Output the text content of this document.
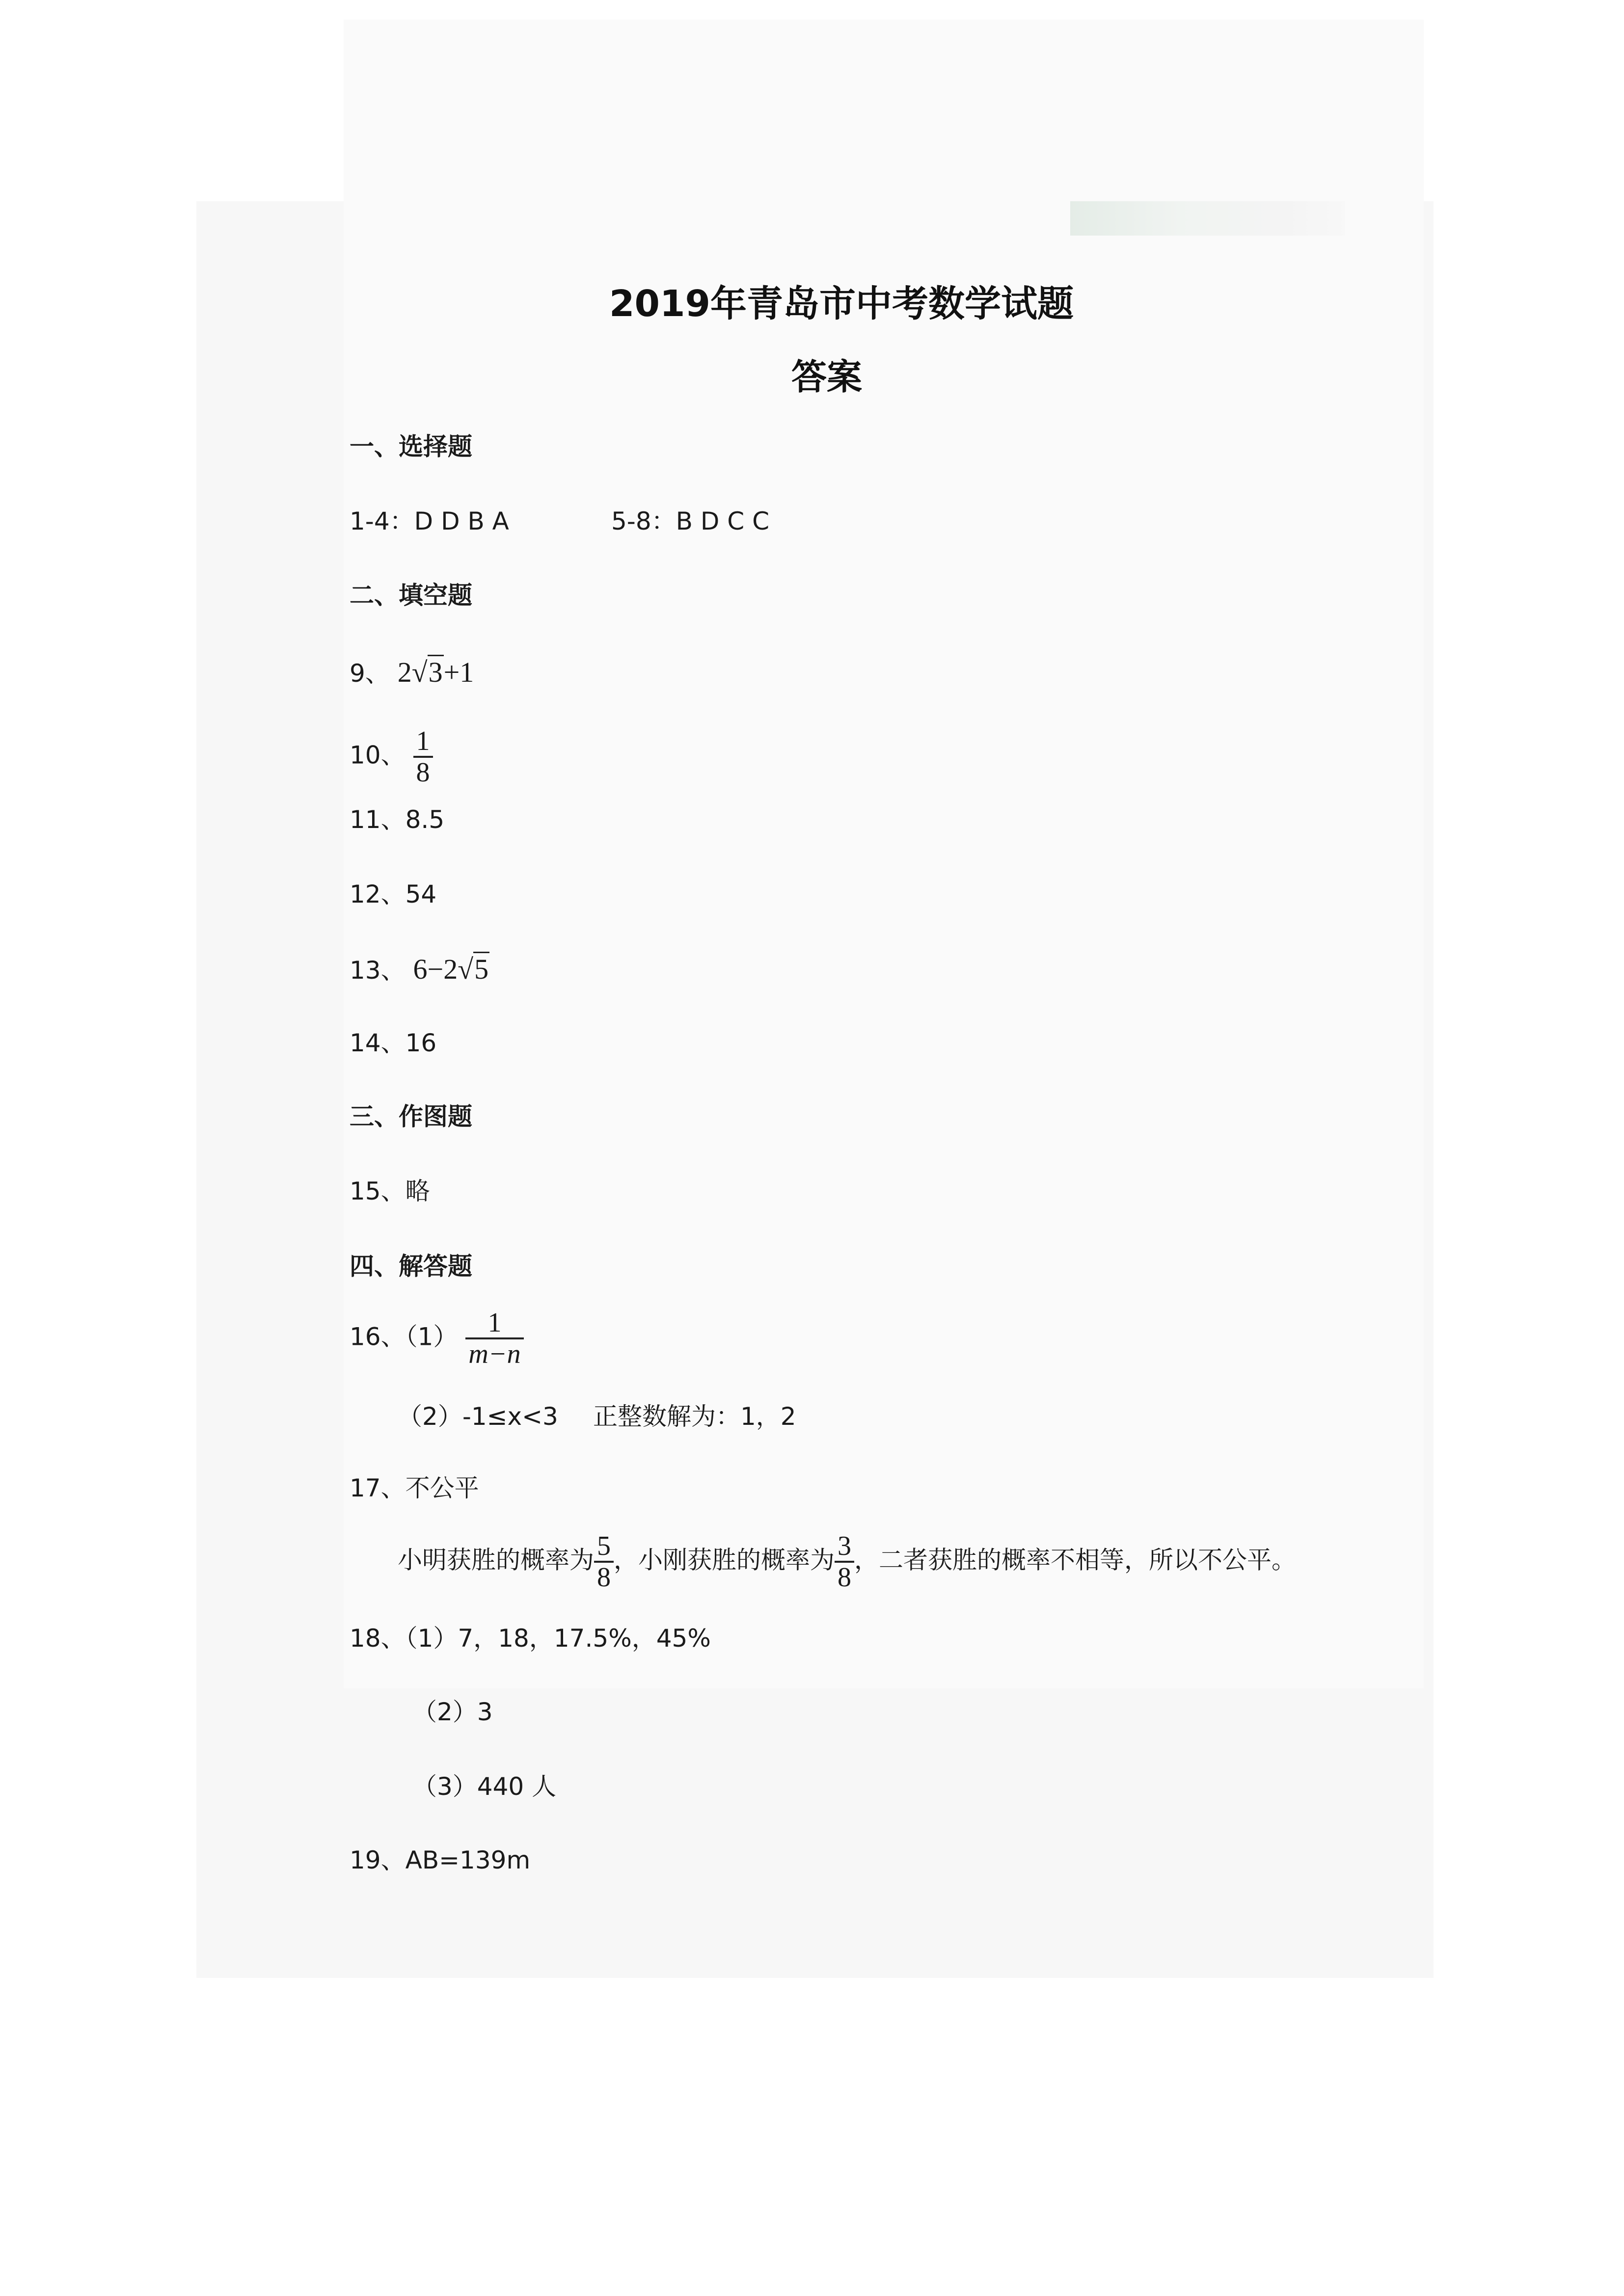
2019年青岛市中考数学试题
答案
一、选择题
1-4：D D B A	5-8：B D C C
二、填空题
9、 2√3+1
10、 $\frac{1}{8}$
11、8.5
12、54
13、 6−2√5
14、16
三、作图题
15、略
四、解答题
16、$(1) \frac{1}{m-n}$
（2）-1≤x<3 正整数解为：1，2
17、不公平
小明获胜的概率为 $\frac{5}{8}$ ，小刚获胜的概率为 $\frac{3}{8}$ ，二者获胜的概率不相等，所以不公平。
18、（1）7，18，17.5%，45%
（2）3
（3）440 人
19、AB=139m
